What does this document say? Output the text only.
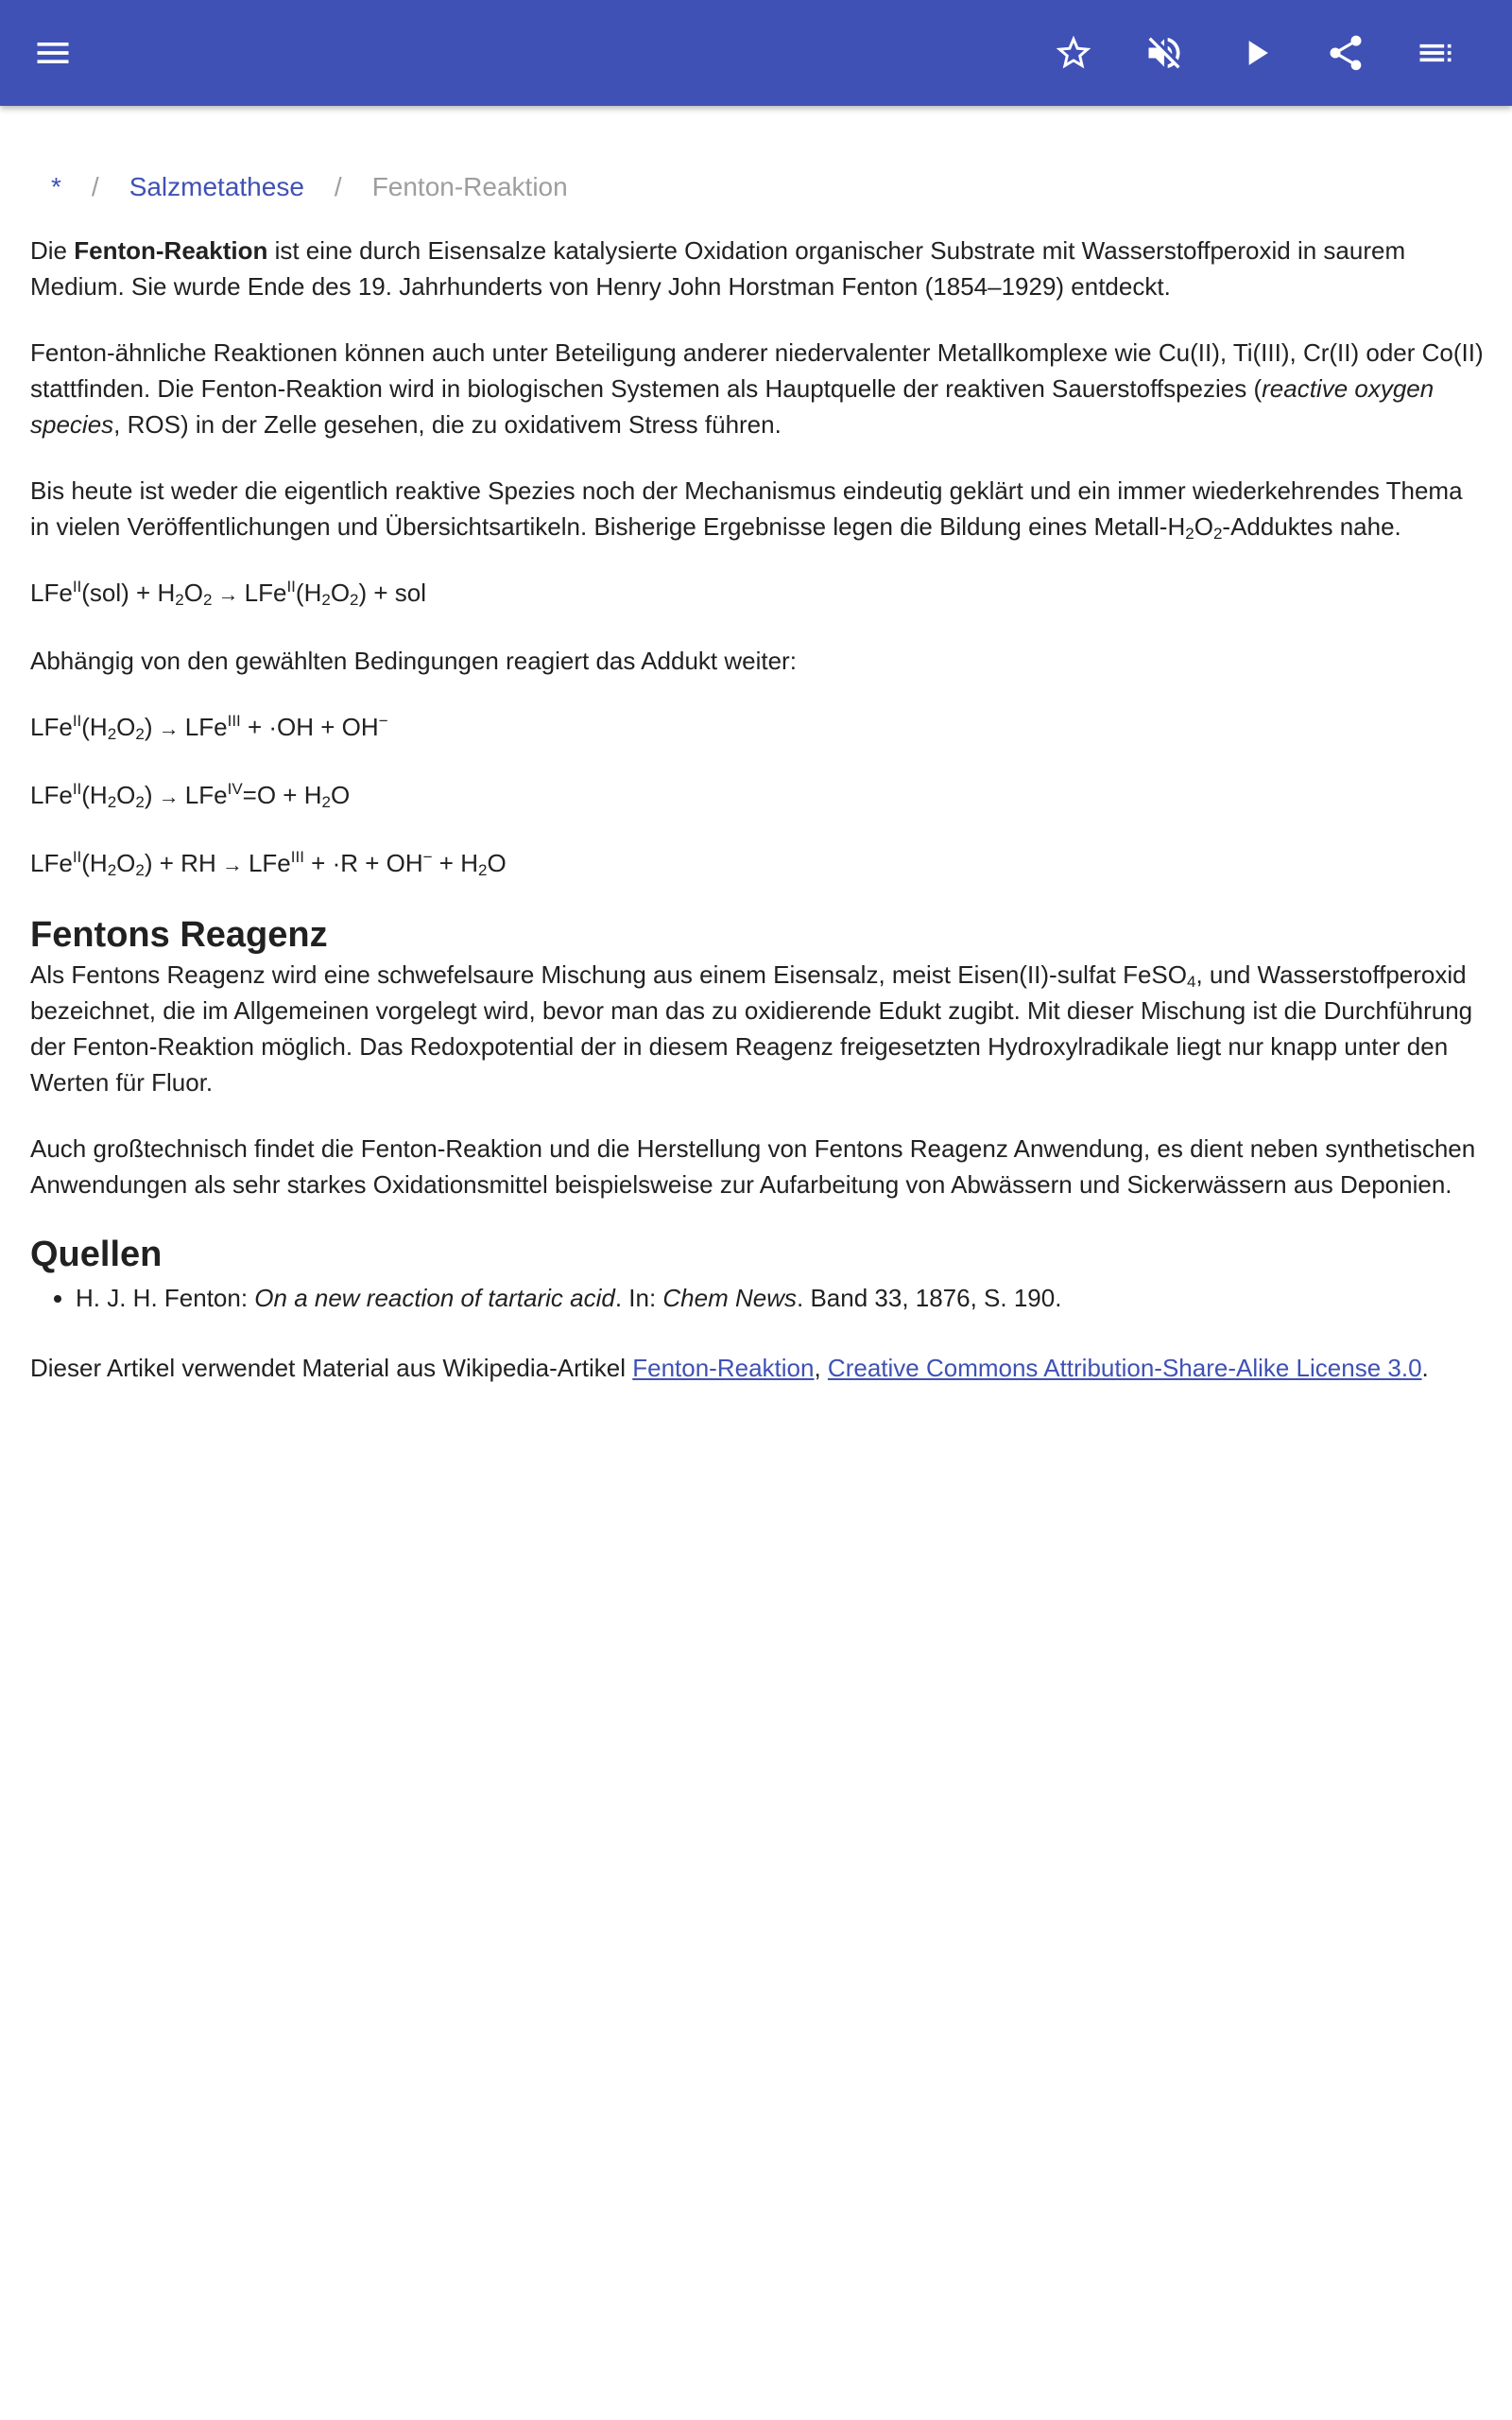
* / Salzmetathese / Fenton-Reaktion

Die Fenton-Reaktion ist eine durch Eisensalze katalysierte Oxidation organischer Substrate mit Wasserstoffperoxid in saurem Medium. Sie wurde Ende des 19. Jahrhunderts von Henry John Horstman Fenton (1854–1929) entdeckt.

Fenton-ähnliche Reaktionen können auch unter Beteiligung anderer niedervalenter Metallkomplexe wie Cu(II), Ti(III), Cr(II) oder Co(II) stattfinden. Die Fenton-Reaktion wird in biologischen Systemen als Hauptquelle der reaktiven Sauerstoffspezies (reactive oxygen species, ROS) in der Zelle gesehen, die zu oxidativem Stress führen.

Bis heute ist weder die eigentlich reaktive Spezies noch der Mechanismus eindeutig geklärt und ein immer wiederkehrendes Thema in vielen Veröffentlichungen und Übersichtsartikeln. Bisherige Ergebnisse legen die Bildung eines Metall-$H_2O_2$-Adduktes nahe.

$LFe^{II}(sol) + H_2O_2 \to LFe^{II}(H_2O_2)$ + sol

Abhängig von den gewählten Bedingungen reagiert das Addukt weiter:

$LFe^{II}(H_2O_2) \to LFe^{III} + \cdot OH + OH^-$

$LFe^{II}(H_2O_2) \to LFe^{IV}=O + H_2O$

$LFe^{II}(H_2O_2)$ + RH → $LFe^{III} + \cdot R + OH^- + H_2O$

Fentons Reagenz

Als Fentons Reagenz wird eine schwefelsaure Mischung aus einem Eisensalz, meist Eisen(II)-sulfat FeSO$_4$, und Wasserstoffperoxid bezeichnet, die im Allgemeinen vorgelegt wird, bevor man das zu oxidierende Edukt zugibt. Mit dieser Mischung ist die Durchführung der Fenton-Reaktion möglich. Das Redoxpotential der in diesem Reagenz freigesetzten Hydroxylradikale liegt nur knapp unter den Werten für Fluor.

Auch großtechnisch findet die Fenton-Reaktion und die Herstellung von Fentons Reagenz Anwendung, es dient neben synthetischen Anwendungen als sehr starkes Oxidationsmittel beispielsweise zur Aufarbeitung von Abwässern und Sickerwässern aus Deponien.

Quellen
• H. J. H. Fenton: On a new reaction of tartaric acid. In: Chem News. Band 33, 1876, S. 190.

Dieser Artikel verwendet Material aus Wikipedia-Artikel Fenton-Reaktion, Creative Commons Attribution-Share-Alike License 3.0.
